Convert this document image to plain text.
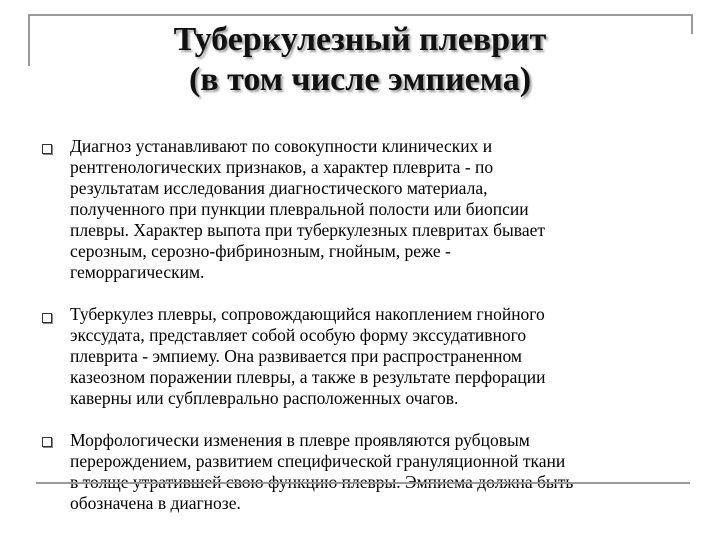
Туберкулезный плеврит
(в том числе эмпиема)
Диагноз устанавливают по совокупности клинических и
рентгенологических признаков, а характер плеврита - по
результатам исследования диагностического материала,
полученного при пункции плевральной полости или биопсии
плевры. Характер выпота при туберкулезных плевритах бывает
серозным, серозно-фибринозным, гнойным, реже -
геморрагическим.
Туберкулез плевры, сопровождающийся накоплением гнойного
экссудата, представляет собой особую форму экссудативного
плеврита - эмпиему. Она развивается при распространенном
казеозном поражении плевры, а также в результате перфорации
каверны или субплеврально расположенных очагов.
Морфологически изменения в плевре проявляются рубцовым
перерождением, развитием специфической грануляционной ткани
в толще утратившей свою функцию плевры. Эмпиема должна быть
обозначена в диагнозе.
